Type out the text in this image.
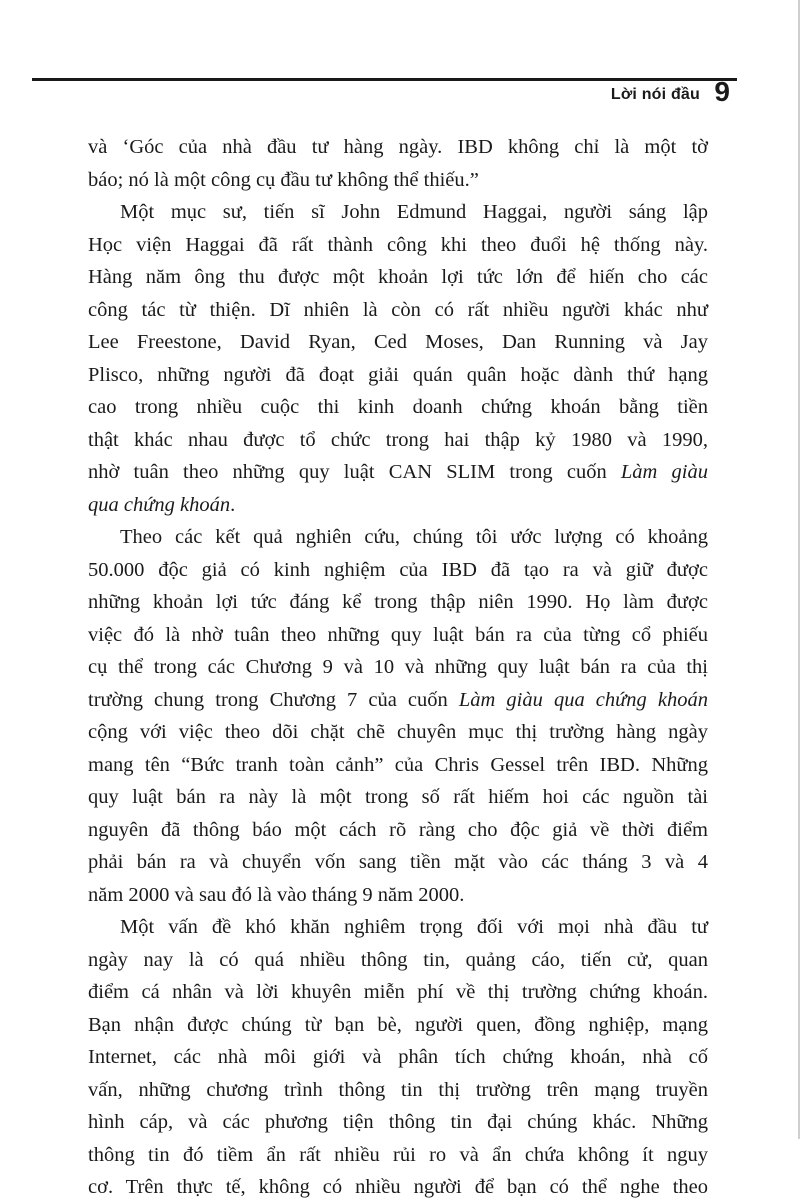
Lời nói đầu 9

và ‘Góc của nhà đầu tư hàng ngày. IBD không chỉ là một tờ

báo; nó là một công cụ đầu tư không thể thiếu.”

Một mục sư, tiến sĩ John Edmund Haggai, người sáng lập

Học viện Haggai đã rất thành công khi theo đuổi hệ thống này.

Hàng năm ông thu được một khoản lợi tức lớn để hiến cho các

công tác từ thiện. Dĩ nhiên là còn có rất nhiều người khác như

Lee Freestone, David Ryan, Ced Moses, Dan Running và Jay

Plisco, những người đã đoạt giải quán quân hoặc dành thứ hạng

cao trong nhiều cuộc thi kinh doanh chứng khoán bằng tiền

thật khác nhau được tổ chức trong hai thập kỷ 1980 và 1990,

nhờ tuân theo những quy luật CAN SLIM trong cuốn Làm giàu

qua chứng khoán.

Theo các kết quả nghiên cứu, chúng tôi ước lượng có khoảng

50.000 độc giả có kinh nghiệm của IBD đã tạo ra và giữ được

những khoản lợi tức đáng kể trong thập niên 1990. Họ làm được

việc đó là nhờ tuân theo những quy luật bán ra của từng cổ phiếu

cụ thể trong các Chương 9 và 10 và những quy luật bán ra của thị

trường chung trong Chương 7 của cuốn Làm giàu qua chứng khoán

cộng với việc theo dõi chặt chẽ chuyên mục thị trường hàng ngày

mang tên “Bức tranh toàn cảnh” của Chris Gessel trên IBD. Những

quy luật bán ra này là một trong số rất hiếm hoi các nguồn tài

nguyên đã thông báo một cách rõ ràng cho độc giả về thời điểm

phải bán ra và chuyển vốn sang tiền mặt vào các tháng 3 và 4

năm 2000 và sau đó là vào tháng 9 năm 2000.

Một vấn đề khó khăn nghiêm trọng đối với mọi nhà đầu tư

ngày nay là có quá nhiều thông tin, quảng cáo, tiến cử, quan

điểm cá nhân và lời khuyên miễn phí về thị trường chứng khoán.

Bạn nhận được chúng từ bạn bè, người quen, đồng nghiệp, mạng

Internet, các nhà môi giới và phân tích chứng khoán, nhà cố

vấn, những chương trình thông tin thị trường trên mạng truyền

hình cáp, và các phương tiện thông tin đại chúng khác. Những

thông tin đó tiềm ẩn rất nhiều rủi ro và ẩn chứa không ít nguy

cơ. Trên thực tế, không có nhiều người để bạn có thể nghe theo
